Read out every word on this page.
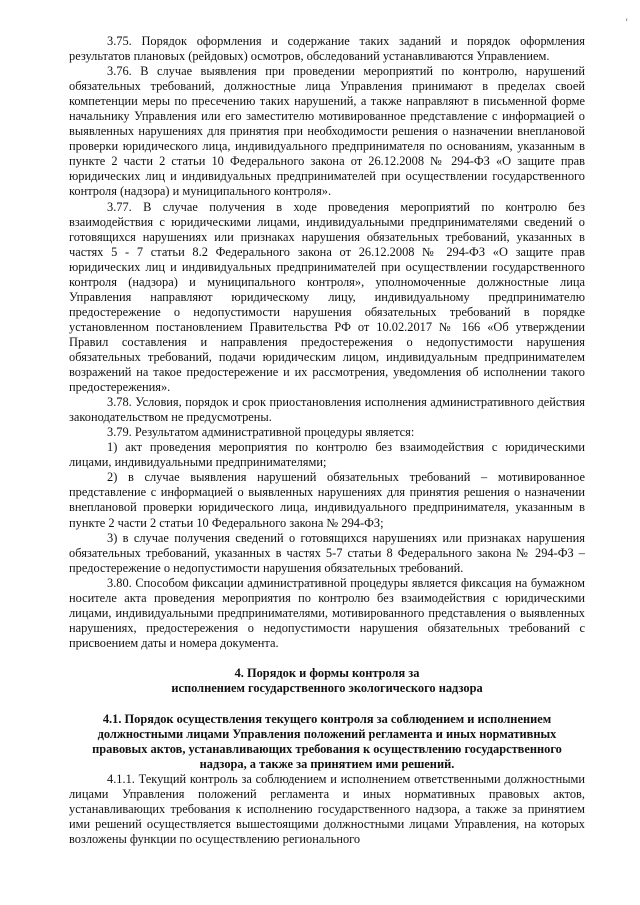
'

3.75. Порядок оформления и содержание таких заданий и порядок оформления результатов плановых (рейдовых) осмотров, обследований устанавливаются Управлением.

3.76. В случае выявления при проведении мероприятий по контролю, нарушений обязательных требований, должностные лица Управления принимают в пределах своей компетенции меры по пресечению таких нарушений, а также направляют в письменной форме начальнику Управления или его заместителю мотивированное представление с информацией о выявленных нарушениях для принятия при необходимости решения о назначении внеплановой проверки юридического лица, индивидуального предпринимателя по основаниям, указанным в пункте 2 части 2 статьи 10 Федерального закона от 26.12.2008 № 294-ФЗ «О защите прав юридических лиц и индивидуальных предпринимателей при осуществлении государственного контроля (надзора) и муниципального контроля».

3.77. В случае получения в ходе проведения мероприятий по контролю без взаимодействия с юридическими лицами, индивидуальными предпринимателями сведений о готовящихся нарушениях или признаках нарушения обязательных требований, указанных в частях 5 - 7 статьи 8.2 Федерального закона от 26.12.2008 № 294-ФЗ «О защите прав юридических лиц и индивидуальных предпринимателей при осуществлении государственного контроля (надзора) и муниципального контроля», уполномоченные должностные лица Управления направляют юридическому лицу, индивидуальному предпринимателю предостережение о недопустимости нарушения обязательных требований в порядке установленном постановлением Правительства РФ от 10.02.2017 № 166 «Об утверждении Правил составления и направления предостережения о недопустимости нарушения обязательных требований, подачи юридическим лицом, индивидуальным предпринимателем возражений на такое предостережение и их рассмотрения, уведомления об исполнении такого предостережения».

3.78. Условия, порядок и срок приостановления исполнения административного действия законодательством не предусмотрены.

3.79. Результатом административной процедуры является:

1) акт проведения мероприятия по контролю без взаимодействия с юридическими лицами, индивидуальными предпринимателями;

2) в случае выявления нарушений обязательных требований – мотивированное представление с информацией о выявленных нарушениях для принятия решения о назначении внеплановой проверки юридического лица, индивидуального предпринимателя, указанным в пункте 2 части 2 статьи 10 Федерального закона № 294-ФЗ;

3) в случае получения сведений о готовящихся нарушениях или признаках нарушения обязательных требований, указанных в частях 5-7 статьи 8 Федерального закона № 294-ФЗ – предостережение о недопустимости нарушения обязательных требований.

3.80. Способом фиксации административной процедуры является фиксация на бумажном носителе акта проведения мероприятия по контролю без взаимодействия с юридическими лицами, индивидуальными предпринимателями, мотивированного представления о выявленных нарушениях, предостережения о недопустимости нарушения обязательных требований с присвоением даты и номера документа.

4. Порядок и формы контроля за

исполнением государственного экологического надзора

4.1. Порядок осуществления текущего контроля за соблюдением и исполнением должностными лицами Управления положений регламента и иных нормативных правовых актов, устанавливающих требования к осуществлению государственного надзора, а также за принятием ими решений.

4.1.1. Текущий контроль за соблюдением и исполнением ответственными должностными лицами Управления положений регламента и иных нормативных правовых актов, устанавливающих требования к исполнению государственного надзора, а также за принятием ими решений осуществляется вышестоящими должностными лицами Управления, на которых возложены функции по осуществлению регионального
